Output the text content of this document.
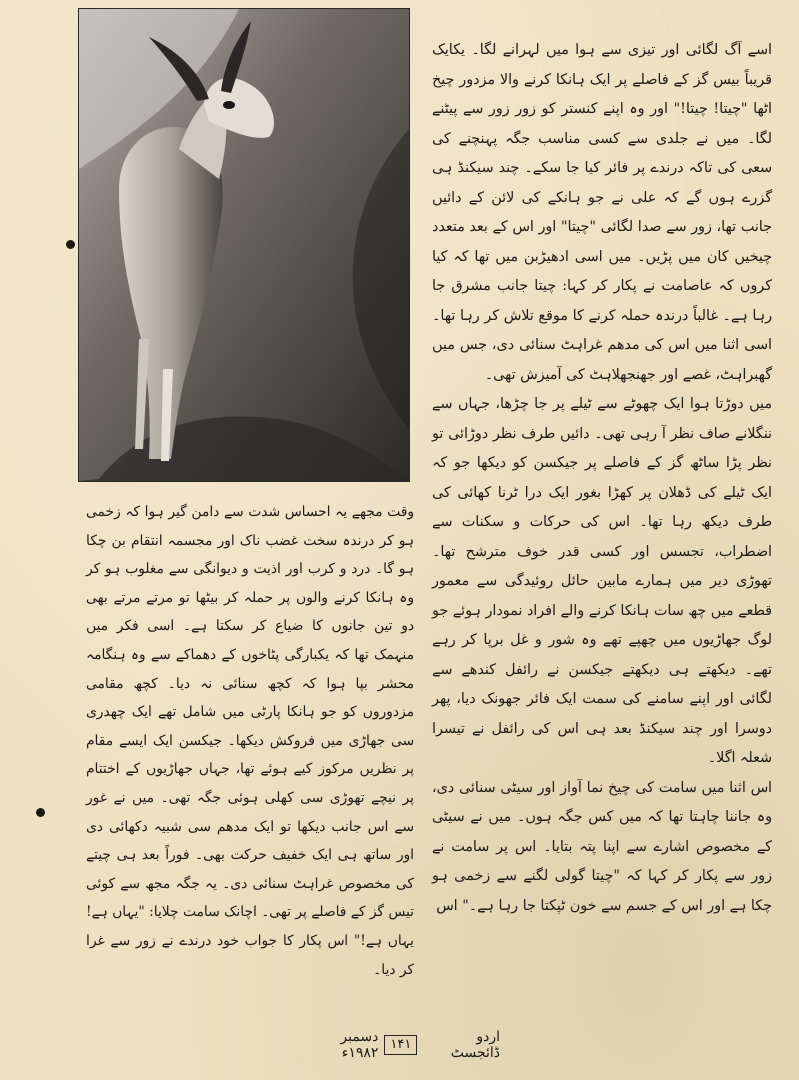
اسے آگ لگائی اور تیزی سے ہوا میں لہرانے لگا۔ یکایک قریباً بیس گز کے فاصلے پر ایک ہانکا کرنے والا مزدور چیخ اٹھا "چیتا! چیتا!" اور وہ اپنے کنستر کو زور زور سے پیٹنے لگا۔ میں نے جلدی سے کسی مناسب جگہ پہنچنے کی سعی کی تاکہ درندے پر فائر کیا جا سکے۔ چند سیکنڈ ہی گزرے ہوں گے کہ علی نے جو ہانکے کی لائن کے دائیں جانب تھا، زور سے صدا لگائی "چیتا" اور اس کے بعد متعدد چیخیں کان میں پڑیں۔ میں اسی ادھیڑبن میں تھا کہ کیا کروں کہ عاصامت نے پکار کر کہا: چیتا جانب مشرق جا رہا ہے۔ غالباً درندہ حملہ کرنے کا موقع تلاش کر رہا تھا۔ اسی اثنا میں اس کی مدھم غراہٹ سنائی دی، جس میں گھبراہٹ، غصے اور جھنجھلاہٹ کی آمیزش تھی۔

میں دوڑتا ہوا ایک چھوٹے سے ٹیلے پر جا چڑھا، جہاں سے ننگلانے صاف نظر آ رہی تھی۔ دائیں طرف نظر دوڑائی تو نظر پڑا ساٹھ گز کے فاصلے پر جیکسن کو دیکھا جو کہ ایک ٹیلے کی ڈھلان پر کھڑا بغور ایک درا ٹرنا کھائی کی طرف دیکھ رہا تھا۔ اس کی حرکات و سکنات سے اضطراب، تجسس اور کسی قدر خوف مترشح تھا۔ تھوڑی دیر میں ہمارے مابین حائل روئیدگی سے معمور قطعے میں چھ سات ہانکا کرنے والے افراد نمودار ہوئے جو لوگ جھاڑیوں میں چھپے تھے وہ شور و غل برپا کر رہے تھے۔ دیکھتے ہی دیکھتے جیکسن نے رائفل کندھے سے لگائی اور اپنے سامنے کی سمت ایک فائر جھونک دیا، پھر دوسرا اور چند سیکنڈ بعد ہی اس کی رائفل نے تیسرا شعلہ اگلا۔

اس اثنا میں سامت کی چیخ نما آواز اور سیٹی سنائی دی، وہ جاننا چاہتا تھا کہ میں کس جگہ ہوں۔ میں نے سیٹی کے مخصوص اشارے سے اپنا پتہ بتایا۔ اس پر سامت نے زور سے پکار کر کہا کہ "چیتا گولی لگنے سے زخمی ہو چکا ہے اور اس کے جسم سے خون ٹپکتا جا رہا ہے۔" اس

وقت مجھے یہ احساس شدت سے دامن گیر ہوا کہ زخمی ہو کر درندہ سخت غضب ناک اور مجسمہ انتقام بن چکا ہو گا۔ درد و کرب اور اذیت و دیوانگی سے مغلوب ہو کر وہ ہانکا کرنے والوں پر حملہ کر بیٹھا تو مرتے مرتے بھی دو تین جانوں کا ضیاع کر سکتا ہے۔ اسی فکر میں منہمک تھا کہ یکبارگی پٹاخوں کے دھماکے سے وہ ہنگامہ محشر بپا ہوا کہ کچھ سنائی نہ دیا۔ کچھ مقامی مزدوروں کو جو ہانکا پارٹی میں شامل تھے ایک چھدری سی جھاڑی میں فروکش دیکھا۔ جیکسن ایک ایسے مقام پر نظریں مرکوز کیے ہوئے تھا، جہاں جھاڑیوں کے اختتام پر نیچے تھوڑی سی کھلی ہوئی جگہ تھی۔ میں نے غور سے اس جانب دیکھا تو ایک مدھم سی شبیہ دکھائی دی اور ساتھ ہی ایک خفیف حرکت بھی۔ فوراً بعد ہی چیتے کی مخصوص غراہٹ سنائی دی۔ یہ جگہ مجھ سے کوئی تیس گز کے فاصلے پر تھی۔ اچانک سامت چلایا: "یہاں ہے! یہاں ہے!" اس پکار کا جواب خود درندے نے زور سے غرا کر دیا۔

اردو ڈائجسٹ
۱۴۱
دسمبر ۱۹۸۲ء
